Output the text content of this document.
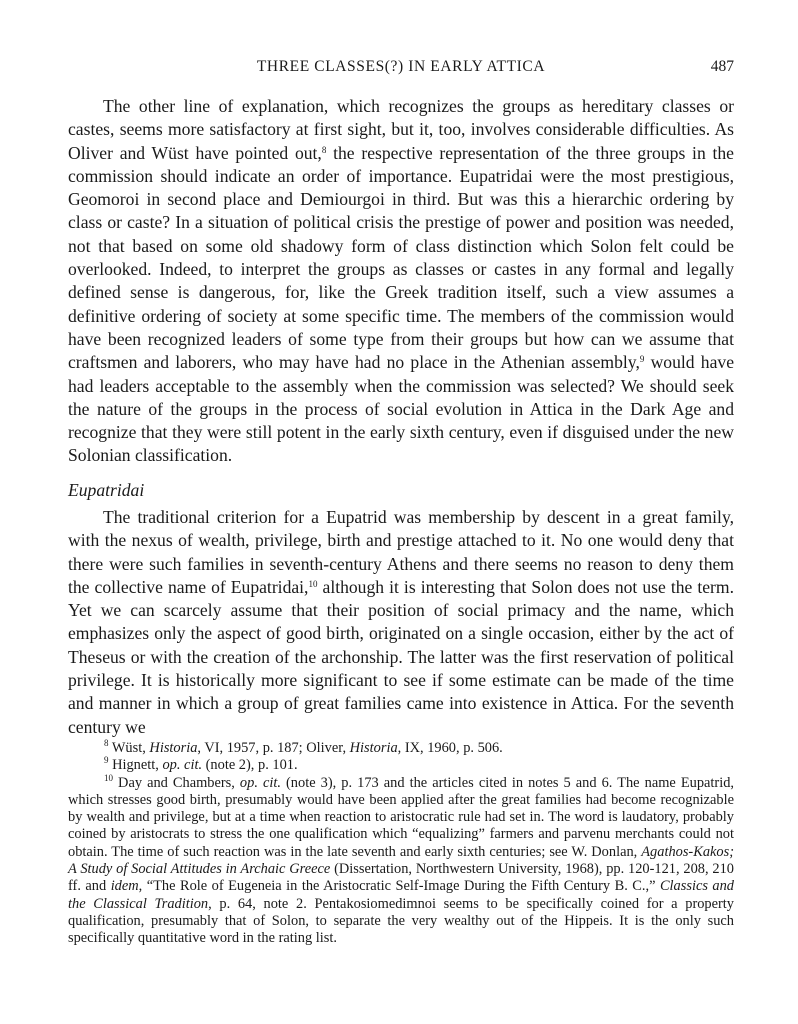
THREE CLASSES(?) IN EARLY ATTICA	487

The other line of explanation, which recognizes the groups as hereditary classes or castes, seems more satisfactory at first sight, but it, too, involves considerable difficulties. As Oliver and Wüst have pointed out,$^8$ the respective representation of the three groups in the commission should indicate an order of importance. Eupatridai were the most prestigious, Geomoroi in second place and Demiourgoi in third. But was this a hierarchic ordering by class or caste? In a situation of political crisis the prestige of power and position was needed, not that based on some old shadowy form of class distinction which Solon felt could be overlooked. Indeed, to interpret the groups as classes or castes in any formal and legally defined sense is dangerous, for, like the Greek tradition itself, such a view assumes a definitive ordering of society at some specific time. The members of the commission would have been recognized leaders of some type from their groups but how can we assume that craftsmen and laborers, who may have had no place in the Athenian assembly,$^9$ would have had leaders acceptable to the assembly when the commission was selected? We should seek the nature of the groups in the process of social evolution in Attica in the Dark Age and recognize that they were still potent in the early sixth century, even if disguised under the new Solonian classification.

Eupatridai

The traditional criterion for a Eupatrid was membership by descent in a great family, with the nexus of wealth, privilege, birth and prestige attached to it. No one would deny that there were such families in seventh-century Athens and there seems no reason to deny them the collective name of Eupatridai,$^{10}$ although it is interesting that Solon does not use the term. Yet we can scarcely assume that their position of social primacy and the name, which emphasizes only the aspect of good birth, originated on a single occasion, either by the act of Theseus or with the creation of the archonship. The latter was the first reservation of political privilege. It is historically more significant to see if some estimate can be made of the time and manner in which a group of great families came into existence in Attica. For the seventh century we

$^8$ Wüst, Historia, VI, 1957, p. 187; Oliver, Historia, IX, 1960, p. 506.

$^9$ Hignett, op. cit. (note 2), p. 101.

$^{10}$ Day and Chambers, op. cit. (note 3), p. 173 and the articles cited in notes 5 and 6. The name Eupatrid, which stresses good birth, presumably would have been applied after the great families had become recognizable by wealth and privilege, but at a time when reaction to aristocratic rule had set in. The word is laudatory, probably coined by aristocrats to stress the one qualification which “equalizing” farmers and parvenu merchants could not obtain. The time of such reaction was in the late seventh and early sixth centuries; see W. Donlan, Agathos-Kakos; A Study of Social Attitudes in Archaic Greece (Dissertation, Northwestern University, 1968), pp. 120-121, 208, 210 ff. and idem, “The Role of Eugeneia in the Aristocratic Self-Image During the Fifth Century B. C.,” Classics and the Classical Tradition, p. 64, note 2. Pentakosiomedimnoi seems to be specifically coined for a property qualification, presumably that of Solon, to separate the very wealthy out of the Hippeis. It is the only such specifically quantitative word in the rating list.
